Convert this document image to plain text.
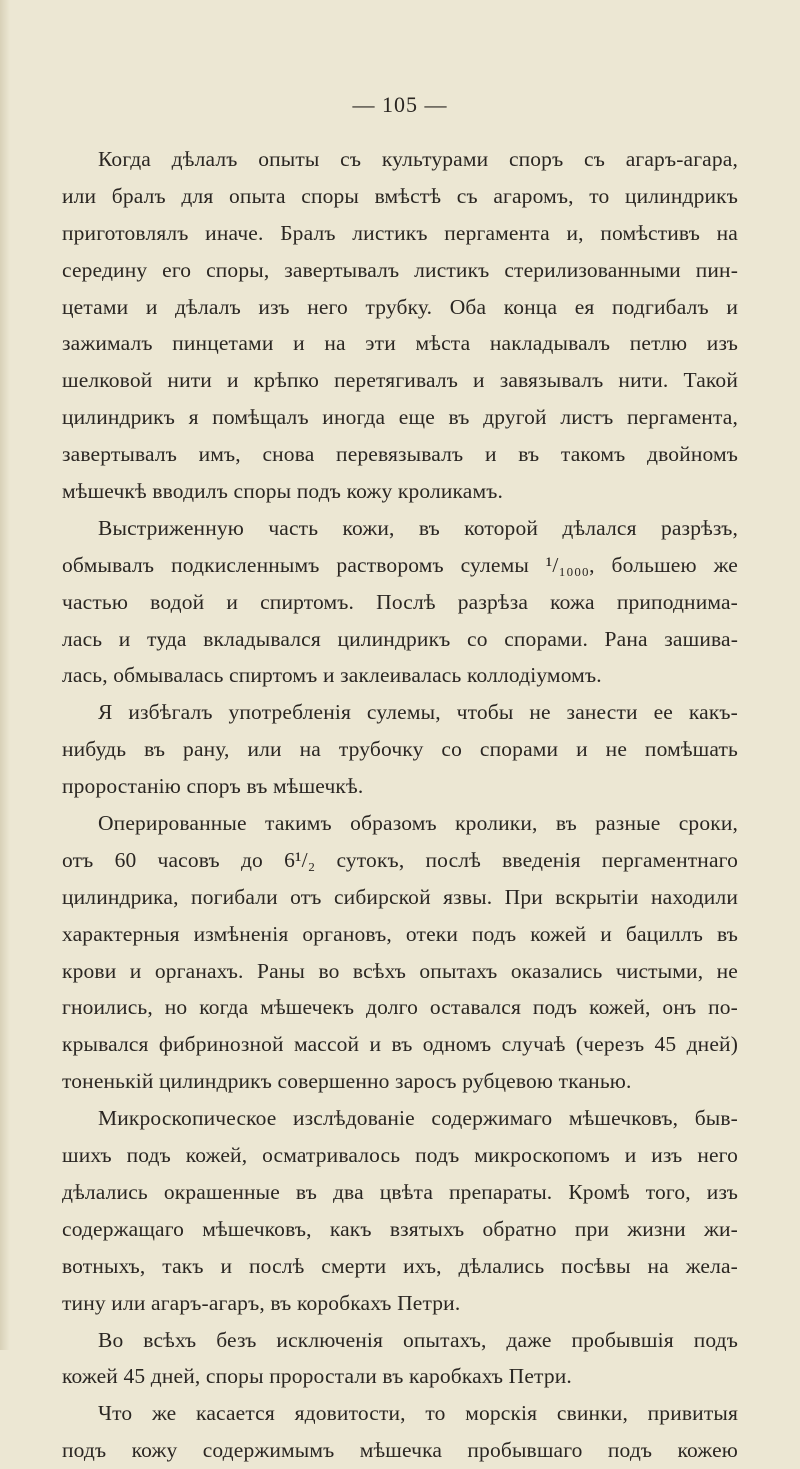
— 105 —
Когда дѣлалъ опыты съ культурами споръ съ агаръ-агара,
или бралъ для опыта споры вмѣстѣ съ агаромъ, то цилиндрикъ
приготовлялъ иначе. Бралъ листикъ пергамента и, помѣстивъ на
середину его споры, завертывалъ листикъ стерилизованными пин-
цетами и дѣлалъ изъ него трубку. Оба конца ея подгибалъ и
зажималъ пинцетами и на эти мѣста накладывалъ петлю изъ
шелковой нити и крѣпко перетягивалъ и завязывалъ нити. Такой
цилиндрикъ я помѣщалъ иногда еще въ другой листъ пергамента,
завертывалъ имъ, снова перевязывалъ и въ такомъ двойномъ
мѣшечкѣ вводилъ споры подъ кожу кроликамъ.
Выстриженную часть кожи, въ которой дѣлался разрѣзъ,
обмывалъ подкисленнымъ растворомъ сулемы ¹/₁₀₀₀, большею же
частью водой и спиртомъ. Послѣ разрѣза кожа приподнима-
лась и туда вкладывался цилиндрикъ со спорами. Рана зашива-
лась, обмывалась спиртомъ и заклеивалась коллодіумомъ.
Я избѣгалъ употребленія сулемы, чтобы не занести ее какъ-
нибудь въ рану, или на трубочку со спорами и не помѣшать
проростанію споръ въ мѣшечкѣ.
Оперированные такимъ образомъ кролики, въ разные сроки,
отъ 60 часовъ до 6¹/₂ сутокъ, послѣ введенія пергаментнаго
цилиндрика, погибали отъ сибирской язвы. При вскрытіи находили
характерныя измѣненія органовъ, отеки подъ кожей и бациллъ въ
крови и органахъ. Раны во всѣхъ опытахъ оказались чистыми, не
гноились, но когда мѣшечекъ долго оставался подъ кожей, онъ по-
крывался фибринозной массой и въ одномъ случаѣ (черезъ 45 дней)
тоненькій цилиндрикъ совершенно заросъ рубцевою тканью.
Микроскопическое изслѣдованіе содержимаго мѣшечковъ, быв-
шихъ подъ кожей, осматривалось подъ микроскопомъ и изъ него
дѣлались окрашенные въ два цвѣта препараты. Кромѣ того, изъ
содержащаго мѣшечковъ, какъ взятыхъ обратно при жизни жи-
вотныхъ, такъ и послѣ смерти ихъ, дѣлались посѣвы на жела-
тину или агаръ-агаръ, въ коробкахъ Петри.
Во всѣхъ безъ исключенія опытахъ, даже пробывшія подъ
кожей 45 дней, споры проростали въ каробкахъ Петри.
Что же касается ядовитости, то морскія свинки, привитыя
подъ кожу содержимымъ мѣшечка пробывшаго подъ кожею
